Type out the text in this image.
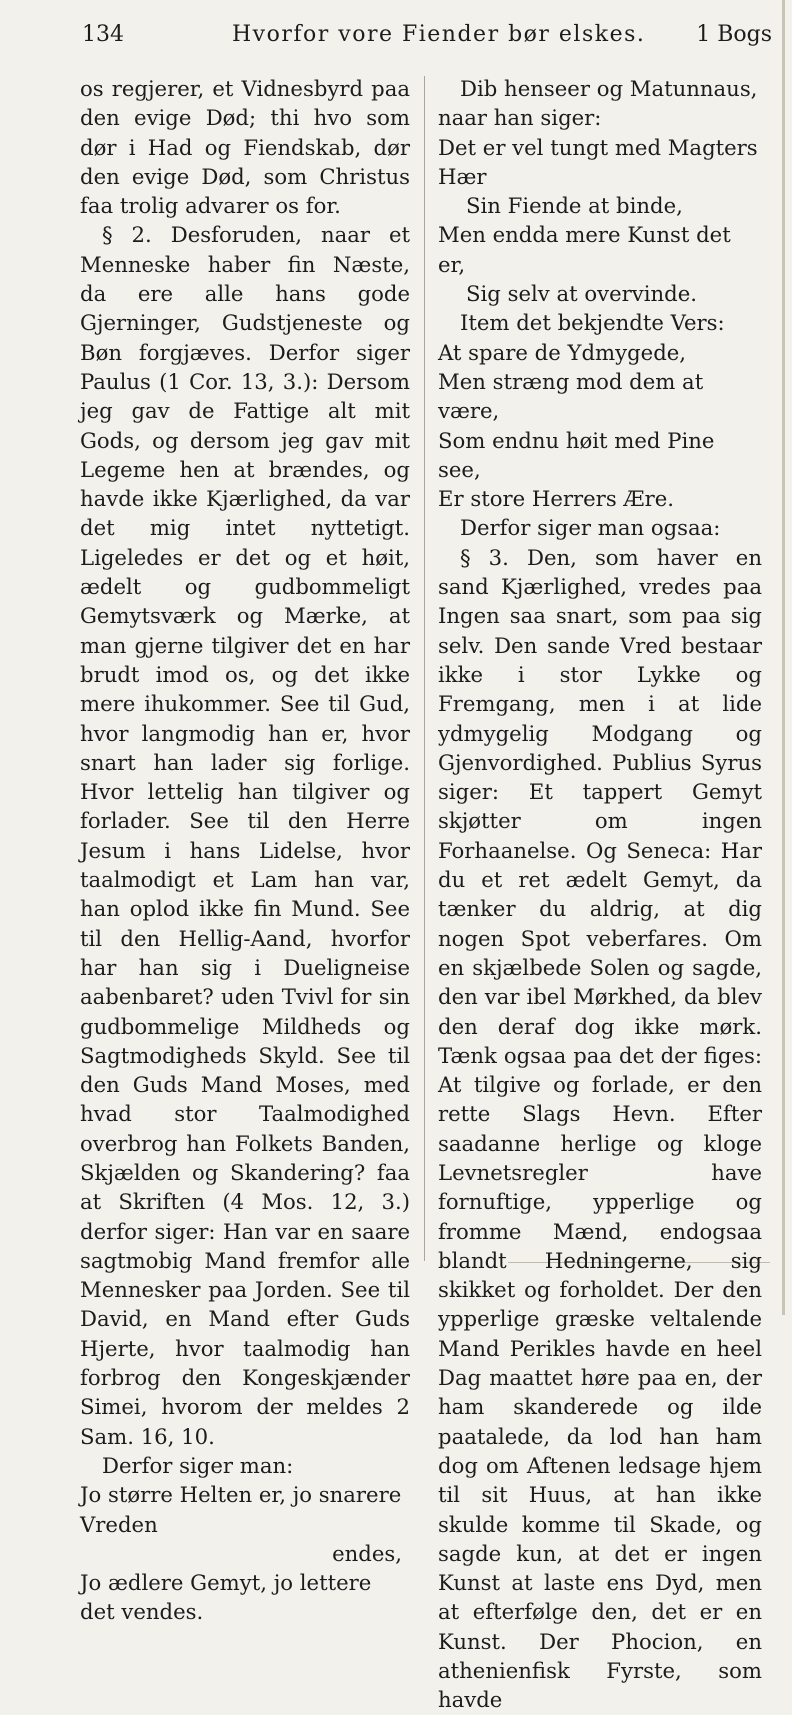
134	Hvorfor vore Fiender bør elskes. 1 Bogs

os regjerer, et Vidnesbyrd paa den evige Død; thi hvo som dør i Had og Fiendskab, dør den evige Død, som Christus faa trolig advarer os for.

§ 2. Desforuden, naar et Menneske haber fin Næste, da ere alle hans gode Gjerninger, Gudstjeneste og Bøn forgjæves. Derfor siger Paulus (1 Cor. 13, 3.): Dersom jeg gav de Fattige alt mit Gods, og dersom jeg gav mit Legeme hen at brændes, og havde ikke Kjærlighed, da var det mig intet nyttetigt. Ligeledes er det og et høit, ædelt og gudbommeligt Gemytsværk og Mærke, at man gjerne tilgiver det en har brudt imod os, og det ikke mere ihukommer. See til Gud, hvor langmodig han er, hvor snart han lader sig forlige. Hvor lettelig han tilgiver og forlader. See til den Herre Jesum i hans Lidelse, hvor taalmodigt et Lam han var, han oplod ikke fin Mund. See til den Hellig-Aand, hvorfor har han sig i Dueligneise aabenbaret? uden Tvivl for sin gudbommelige Mildheds og Sagtmodigheds Skyld. See til den Guds Mand Moses, med hvad stor Taalmodighed overbrog han Folkets Banden, Skjælden og Skandering? faa at Skriften (4 Mos. 12, 3.) derfor siger: Han var en saare sagtmobig Mand fremfor alle Mennesker paa Jorden. See til David, en Mand efter Guds Hjerte, hvor taalmodig han forbrog den Kongeskjænder Simei, hvorom der meldes 2 Sam. 16, 10.

Derfor siger man:

Jo større Helten er, jo snarere Vreden
endes,
Jo ædlere Gemyt, jo lettere det vendes.

Dib henseer og Matunnaus,

naar han siger:

Det er vel tungt med Magters Hær
Sin Fiende at binde,
Men endda mere Kunst det er,
Sig selv at overvinde.

Item det bekjendte Vers:

At spare de Ydmygede,
Men stræng mod dem at være,
Som endnu høit med Pine see,
Er store Herrers Ære.

Derfor siger man ogsaa:

§ 3. Den, som haver en sand Kjærlighed, vredes paa Ingen saa snart, som paa sig selv. Den sande Vred bestaar ikke i stor Lykke og Fremgang, men i at lide ydmygelig Modgang og Gjenvordighed. Publius Syrus siger: Et tappert Gemyt skjøtter om ingen Forhaanelse. Og Seneca: Har du et ret ædelt Gemyt, da tænker du aldrig, at dig nogen Spot veberfares. Om en skjælbede Solen og sagde, den var ibel Mørkhed, da blev den deraf dog ikke mørk. Tænk ogsaa paa det der figes: At tilgive og forlade, er den rette Slags Hevn. Efter saadanne herlige og kloge Levnetsregler have fornuftige, ypperlige og fromme Mænd, endogsaa blandt Hedningerne, sig skikket og forholdet. Der den ypperlige græske veltalende Mand Perikles havde en heel Dag maattet høre paa en, der ham skanderede og ilde paatalede, da lod han ham dog om Aftenen ledsage hjem til sit Huus, at han ikke skulde komme til Skade, og sagde kun, at det er ingen Kunst at laste ens Dyd, men at efterfølge den, det er en Kunst. Der Phocion, en athenienfisk Fyrste, som havde
